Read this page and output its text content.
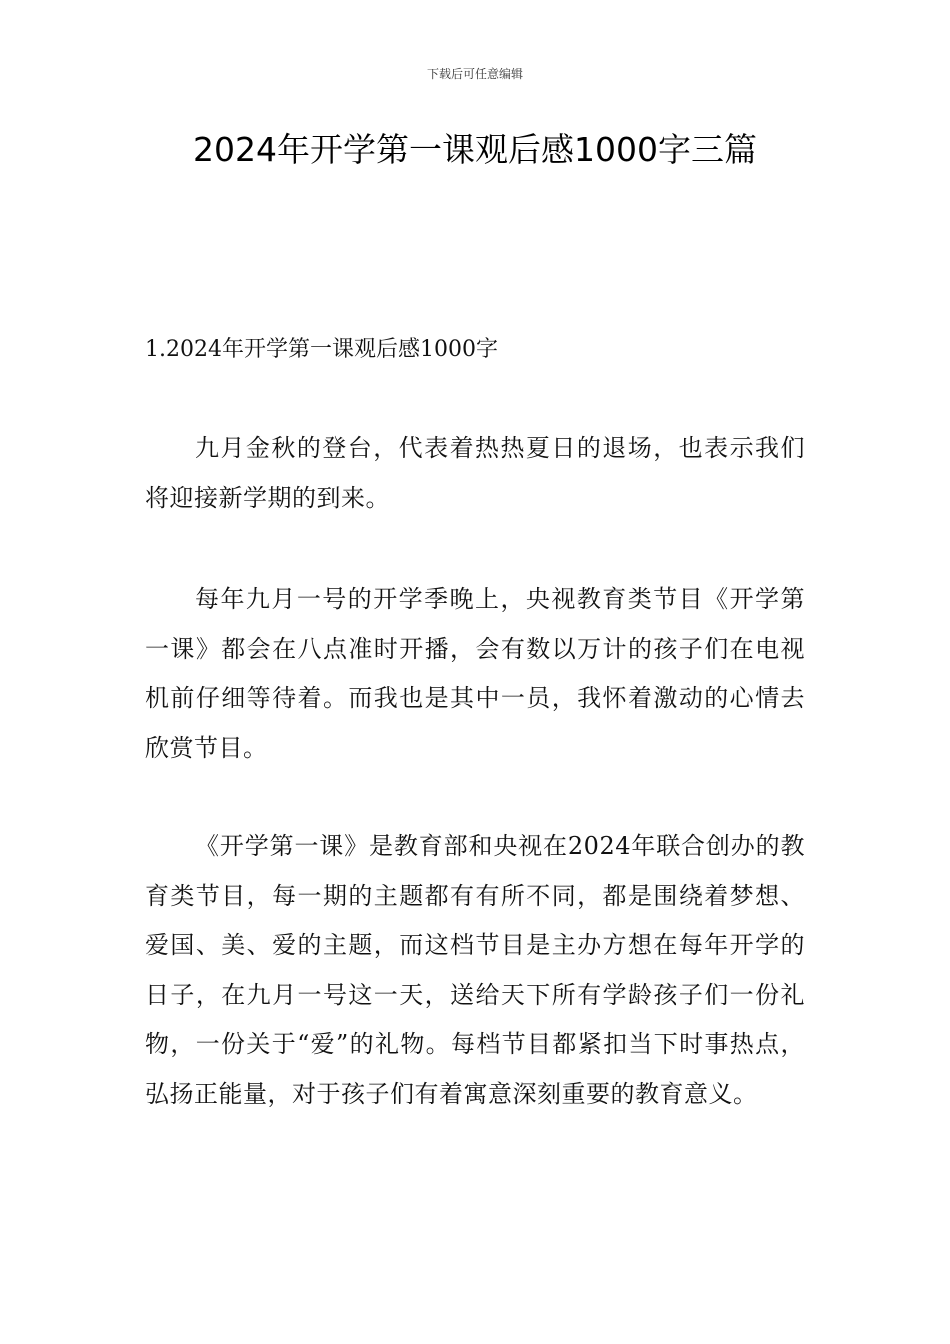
下载后可任意编辑
2024年开学第一课观后感1000字三篇
1.2024年开学第一课观后感1000字

九月金秋的登台，代表着热热夏日的退场，也表示我们将迎接新学期的到来。

每年九月一号的开学季晚上，央视教育类节目《开学第一课》都会在八点准时开播，会有数以万计的孩子们在电视机前仔细等待着。而我也是其中一员，我怀着激动的心情去欣赏节目。

《开学第一课》是教育部和央视在2024年联合创办的教育类节目，每一期的主题都有有所不同，都是围绕着梦想、爱国、美、爱的主题，而这档节目是主办方想在每年开学的日子，在九月一号这一天，送给天下所有学龄孩子们一份礼物，一份关于“爱”的礼物。每档节目都紧扣当下时事热点，弘扬正能量，对于孩子们有着寓意深刻重要的教育意义。
